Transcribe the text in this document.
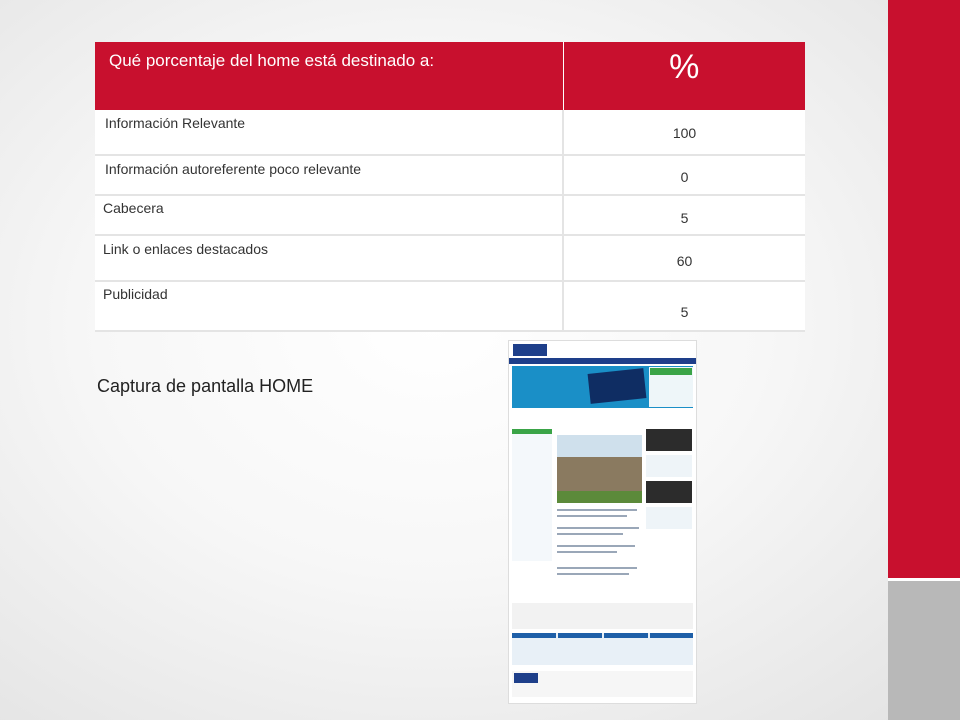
Qué porcentaje del home está destinado a:	%
Información Relevante	100
Información autoreferente poco relevante	0
Cabecera	5
Link o enlaces destacados	60
Publicidad	5
Captura de pantalla HOME
